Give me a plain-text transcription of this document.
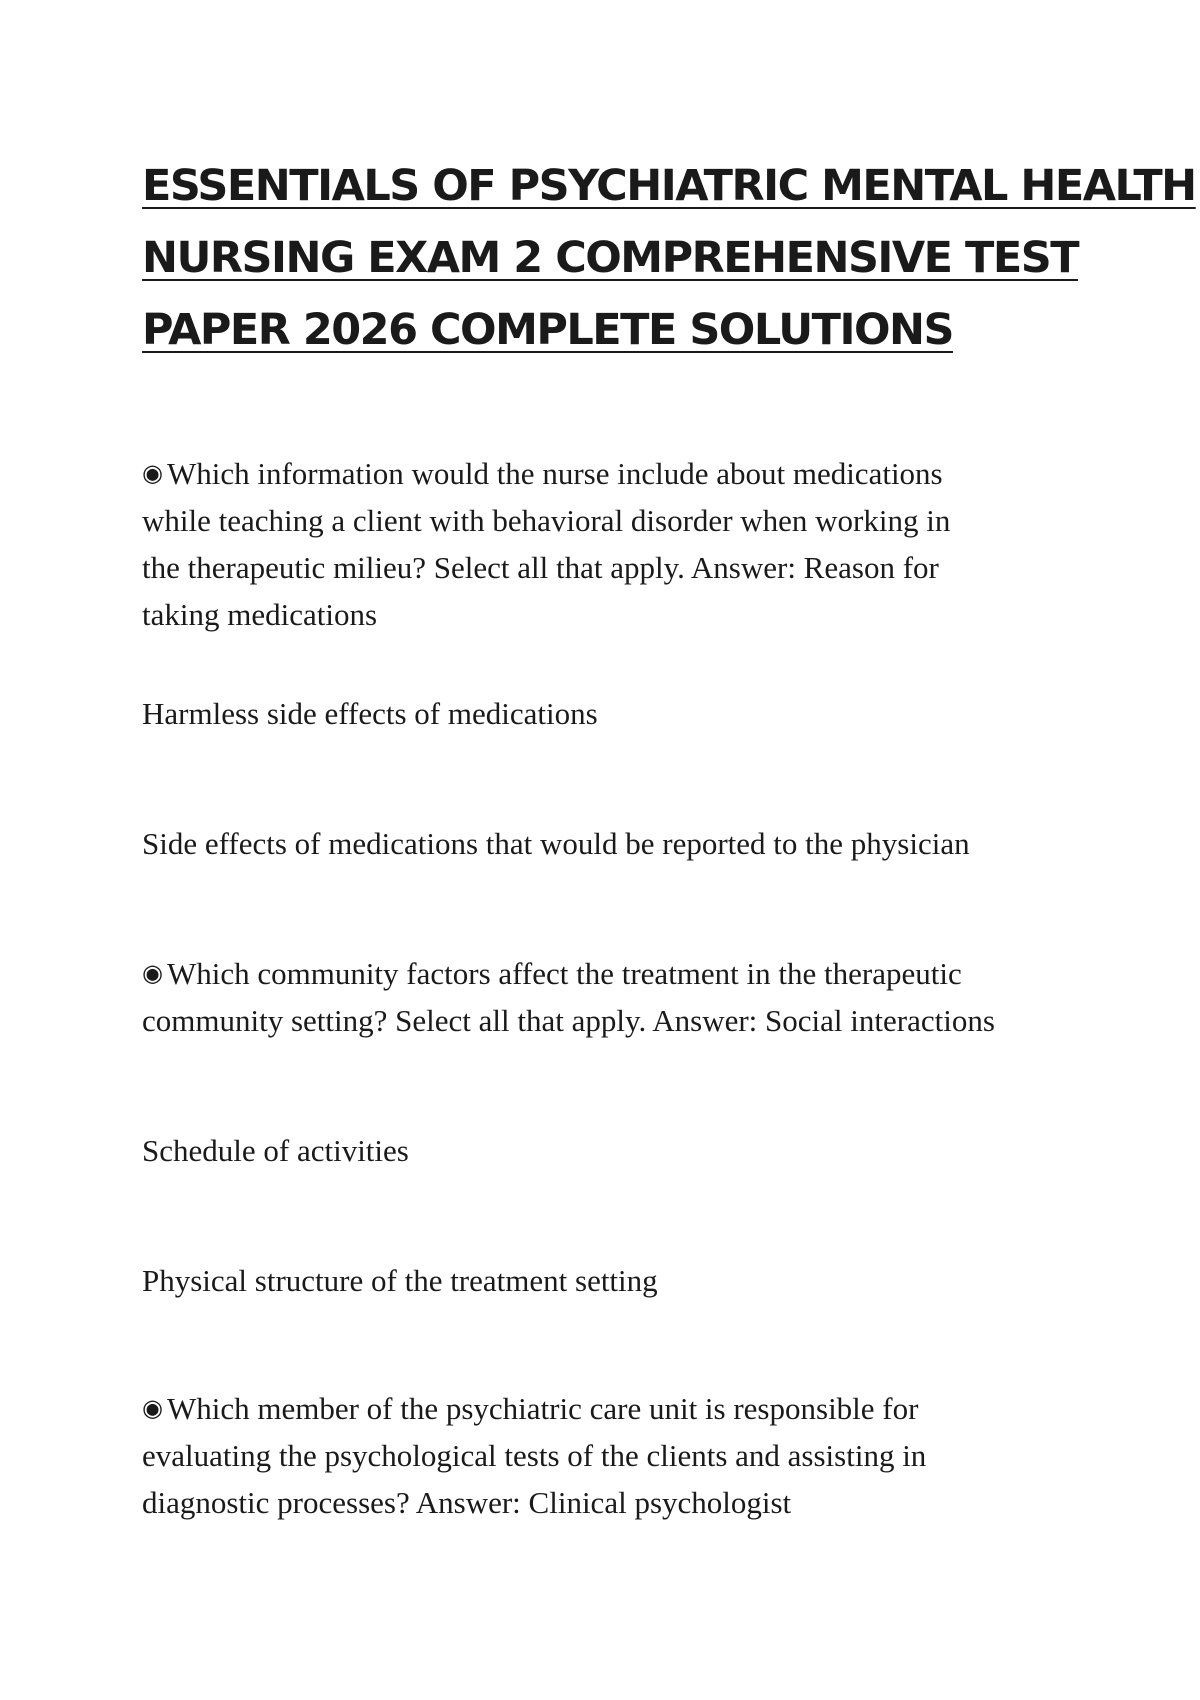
ESSENTIALS OF PSYCHIATRIC MENTAL HEALTH
NURSING EXAM 2 COMPREHENSIVE TEST
PAPER 2026 COMPLETE SOLUTIONS

◉ Which information would the nurse include about medications

while teaching a client with behavioral disorder when working in

the therapeutic milieu? Select all that apply. Answer: Reason for

taking medications

Harmless side effects of medications

Side effects of medications that would be reported to the physician

◉ Which community factors affect the treatment in the therapeutic

community setting? Select all that apply. Answer: Social interactions

Schedule of activities

Physical structure of the treatment setting

◉ Which member of the psychiatric care unit is responsible for

evaluating the psychological tests of the clients and assisting in

diagnostic processes? Answer: Clinical psychologist
